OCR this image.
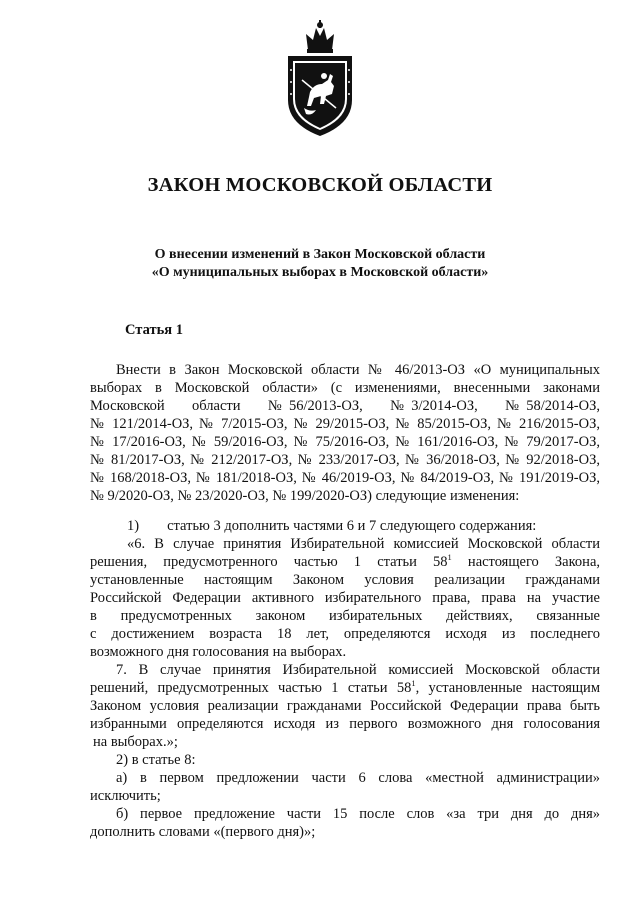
ЗАКОН МОСКОВСКОЙ ОБЛАСТИ

О внесении изменений в Закон Московской области

«О муниципальных выборах в Московской области»

Статья 1

Внести в Закон Московской области № 46/2013-ОЗ «О муниципальных

выборах в Московской области» (с изменениями, внесенными законами

Московской     области     № 56/2013-ОЗ,     № 3/2014-ОЗ,     № 58/2014-ОЗ,

№ 121/2014-ОЗ, № 7/2015-ОЗ, № 29/2015-ОЗ, № 85/2015-ОЗ, № 216/2015-ОЗ,

№ 17/2016-ОЗ, № 59/2016-ОЗ, № 75/2016-ОЗ, № 161/2016-ОЗ, № 79/2017-ОЗ,

№ 81/2017-ОЗ, № 212/2017-ОЗ, № 233/2017-ОЗ, № 36/2018-ОЗ, № 92/2018-ОЗ,

№ 168/2018-ОЗ, № 181/2018-ОЗ, № 46/2019-ОЗ, № 84/2019-ОЗ, № 191/2019-ОЗ,

№ 9/2020-ОЗ, № 23/2020-ОЗ, № 199/2020-ОЗ) следующие изменения:

1) статью 3 дополнить частями 6 и 7 следующего содержания:

«6. В случае принятия Избирательной комиссией Московской области

решения, предусмотренного частью 1 статьи $58^1$ настоящего Закона,

установленные настоящим Законом условия реализации гражданами

Российской Федерации активного избирательного права, права на участие

в предусмотренных законом избирательных действиях, связанные

с достижением возраста 18 лет, определяются исходя из последнего

возможного дня голосования на выборах.

7. В случае принятия Избирательной комиссией Московской области

решений, предусмотренных частью 1 статьи $58^1$, установленные настоящим

Законом условия реализации гражданами Российской Федерации права быть

избранными определяются исходя из первого возможного дня голосования

на выборах.»;

2) в статье 8:

а) в первом предложении части 6 слова «местной администрации»

исключить;

б) первое предложение части 15 после слов «за три дня до дня»

дополнить словами «(первого дня)»;
